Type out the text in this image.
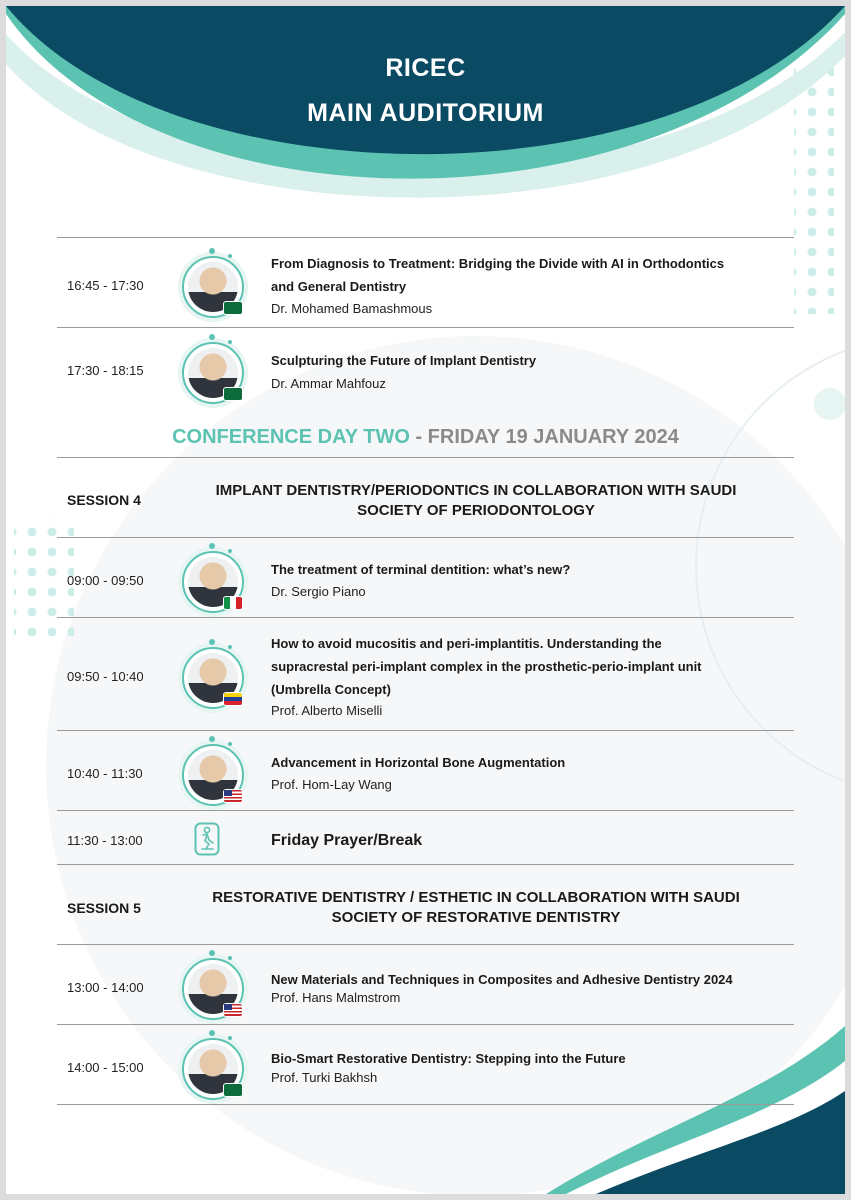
RICEC
MAIN AUDITORIUM
16:45 - 17:30
From Diagnosis to Treatment: Bridging the Divide with AI in Orthodontics
and General Dentistry
Dr. Mohamed Bamashmous
17:30 - 18:15
Sculpturing the Future of Implant Dentistry
Dr. Ammar Mahfouz
CONFERENCE DAY TWO - FRIDAY 19 JANUARY 2024
SESSION 4
IMPLANT DENTISTRY/PERIODONTICS IN COLLABORATION WITH SAUDI
SOCIETY OF PERIODONTOLOGY
09:00 - 09:50
The treatment of terminal dentition: what’s new?
Dr. Sergio Piano
09:50 - 10:40
How to avoid mucositis and peri-implantitis. Understanding the
supracrestal peri-implant complex in the prosthetic-perio-implant unit
(Umbrella Concept)
Prof. Alberto Miselli
10:40 - 11:30
Advancement in Horizontal Bone Augmentation
Prof. Hom-Lay Wang
11:30 - 13:00	Friday Prayer/Break
SESSION 5
RESTORATIVE DENTISTRY / ESTHETIC IN COLLABORATION WITH SAUDI
SOCIETY OF RESTORATIVE DENTISTRY
13:00 - 14:00
New Materials and Techniques in Composites and Adhesive Dentistry 2024
Prof. Hans Malmstrom
14:00 - 15:00
Bio-Smart Restorative Dentistry: Stepping into the Future
Prof. Turki Bakhsh
